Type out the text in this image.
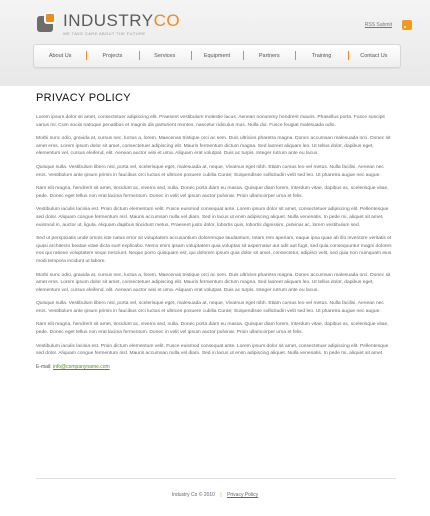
INDUSTRYCO
WE TAKE CARE ABOUT THE FUTURE
RSS Submit
About Us	Projects	Services	Equipment	Partners	Training	Contact Us
PRIVACY POLICY

Lorem ipsum dolor sit amet, consectetuer adipiscing elit. Praesent vestibulum molestie lacus. Aenean nonummy hendrerit mauris. Phasellus porta. Fusce suscipit varius mi. Cum sociis natoque penatibus et magnis dis parturient montes, nascetur ridiculus mus. Nulla dui. Fusce feugiat malesuada odio.

Morbi nunc odio, gravida at, cursus nec, luctus a, lorem. Maecenas tristique orci ac sem. Duis ultricies pharetra magna. Donec accumsan malesuada orci. Donec sit amet eros. Lorem ipsum dolor sit amet, consectetuer adipiscing elit. Mauris fermentum dictum magna. Sed laoreet aliquam leo. Ut tellus dolor, dapibus eget, elementum vel, cursus eleifend, elit. Aenean auctor wisi et urna. Aliquam erat volutpat. Duis ac turpis. Integer rutrum ante eu lacus.

Quisque nulla. Vestibulum libero nisl, porta vel, scelerisque eget, malesuada at, neque. Vivamus eget nibh. Etiam cursus leo vel metus. Nulla facilisi. Aenean nec eros. Vestibulum ante ipsum primis in faucibus orci luctus et ultrices posuere cubilia Curae; Suspendisse sollicitudin velit sed leo. Ut pharetra augue nec augue.

Nam elit magna, hendrerit sit amet, tincidunt ac, viverra sed, nulla. Donec porta diam eu massa. Quisque diam lorem, interdum vitae, dapibus ac, scelerisque vitae, pede. Donec eget tellus non erat lacinia fermentum. Donec in velit vel ipsum auctor pulvinar. Proin ullamcorper urna et felis.

Vestibulum iaculis lacinia est. Proin dictum elementum velit. Fusce euismod consequat ante. Lorem ipsum dolor sit amet, consectetuer adipiscing elit. Pellentesque sed dolor. Aliquam congue fermentum nisl. Mauris accumsan nulla vel diam. Sed in lacus ut enim adipiscing aliquet. Nulla venenatis. In pede mi, aliquet sit amet, euismod in, auctor ut, ligula. Aliquam dapibus tincidunt metus. Praesent justo dolor, lobortis quis, lobortis dignissim, pulvinar ac, lorem vestibulum sed.

Sed ut perspiciatis unde omnis iste natus error sit voluptatem accusantium doloremque laudantium, totam rem aperiam, eaque ipsa quae ab illo inventore veritatis et quasi architecto beatae vitae dicta sunt explicabo. Nemo enim ipsam voluptatem quia voluptas sit aspernatur aut odit aut fugit, sed quia consequuntur magni dolores eos qui ratione voluptatem sequi nesciunt. Neque porro quisquam est, qui dolorem ipsum quia dolor sit amet, consectetur, adipisci velit, sed quia non numquam eius modi tempora incidunt ut labore.

Morbi nunc odio, gravida at, cursus nec, luctus a, lorem. Maecenas tristique orci ac sem. Duis ultricies pharetra magna. Donec accumsan malesuada orci. Donec sit amet eros. Lorem ipsum dolor sit amet, consectetuer adipiscing elit. Mauris fermentum dictum magna. Sed laoreet aliquam leo. Ut tellus dolor, dapibus eget, elementum vel, cursus eleifend, elit. Aenean auctor wisi et urna. Aliquam erat volutpat. Duis ac turpis. Integer rutrum ante eu lacus.

Quisque nulla. Vestibulum libero nisl, porta vel, scelerisque eget, malesuada at, neque. Vivamus eget nibh. Etiam cursus leo vel metus. Nulla facilisi. Aenean nec eros. Vestibulum ante ipsum primis in faucibus orci luctus et ultrices posuere cubilia Curae; Suspendisse sollicitudin velit sed leo. Ut pharetra augue nec augue.

Nam elit magna, hendrerit sit amet, tincidunt ac, viverra sed, nulla. Donec porta diam eu massa. Quisque diam lorem, interdum vitae, dapibus ac, scelerisque vitae, pede. Donec eget tellus non erat lacinia fermentum. Donec in velit vel ipsum auctor pulvinar. Proin ullamcorper urna et felis.

Vestibulum iaculis lacinia est. Proin dictum elementum velit. Fusce euismod consequat ante. Lorem ipsum dolor sit amet, consectetuer adipiscing elit. Pellentesque sed dolor. Aliquam congue fermentum nisl. Mauris accumsan nulla vel diam. Sed in lacus ut enim adipiscing aliquet. Nulla venenatis. In pede mi, aliquet sit amet.

E-mail: info@companyname.com
Industry Co © 2010 | Privacy Policy
